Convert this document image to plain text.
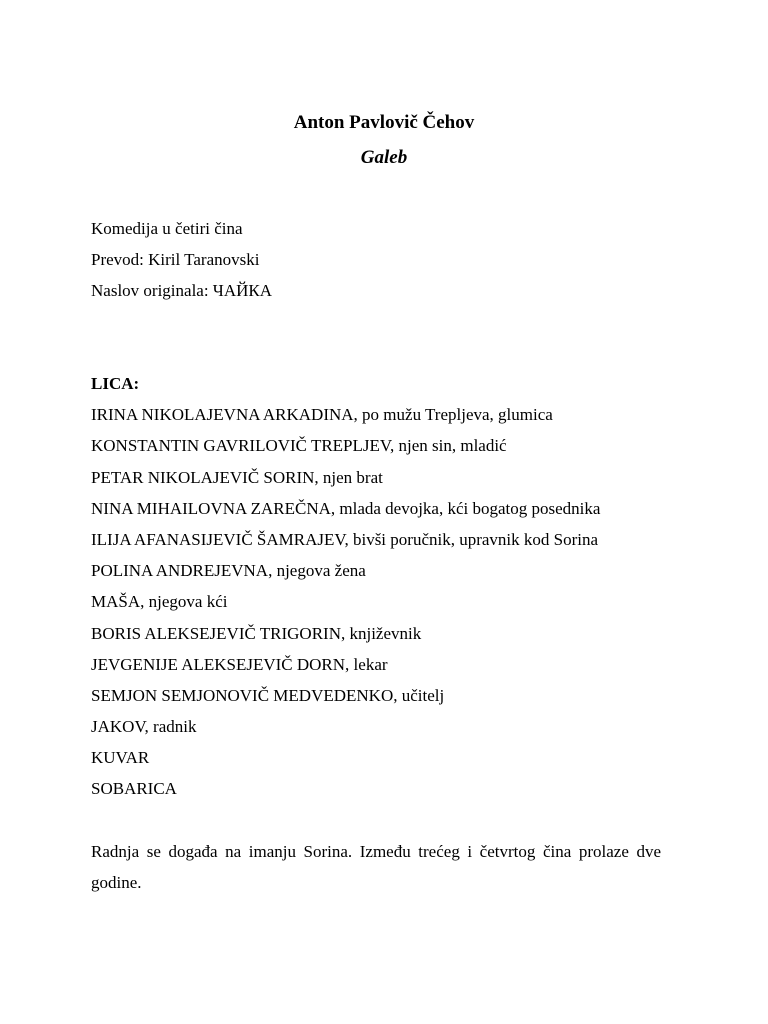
Anton Pavlovič Čehov
Galeb
Komedija u četiri čina
Prevod: Kiril Taranovski
Naslov originala: ЧАЙКА
LICA:
IRINA NIKOLAJEVNA ARKADINA, po mužu Trepljeva, glumica
KONSTANTIN GAVRILOVIČ TREPLJEV, njen sin, mladić
PETAR NIKOLAJEVIČ SORIN, njen brat
NINA MIHAILOVNA ZAREČNA, mlada devojka, kći bogatog posednika
ILIJA AFANASIJEVIČ ŠAMRAJEV, bivši poručnik, upravnik kod Sorina
POLINA ANDREJEVNA, njegova žena
MAŠA, njegova kći
BORIS ALEKSEJEVIČ TRIGORIN, književnik
JEVGENIJE ALEKSEJEVIČ DORN, lekar
SEMJON SEMJONOVIČ MEDVEDENKO, učitelj
JAKOV, radnik
KUVAR
SOBARICA
Radnja se događa na imanju Sorina. Između trećeg i četvrtog čina prolaze dve godine.
